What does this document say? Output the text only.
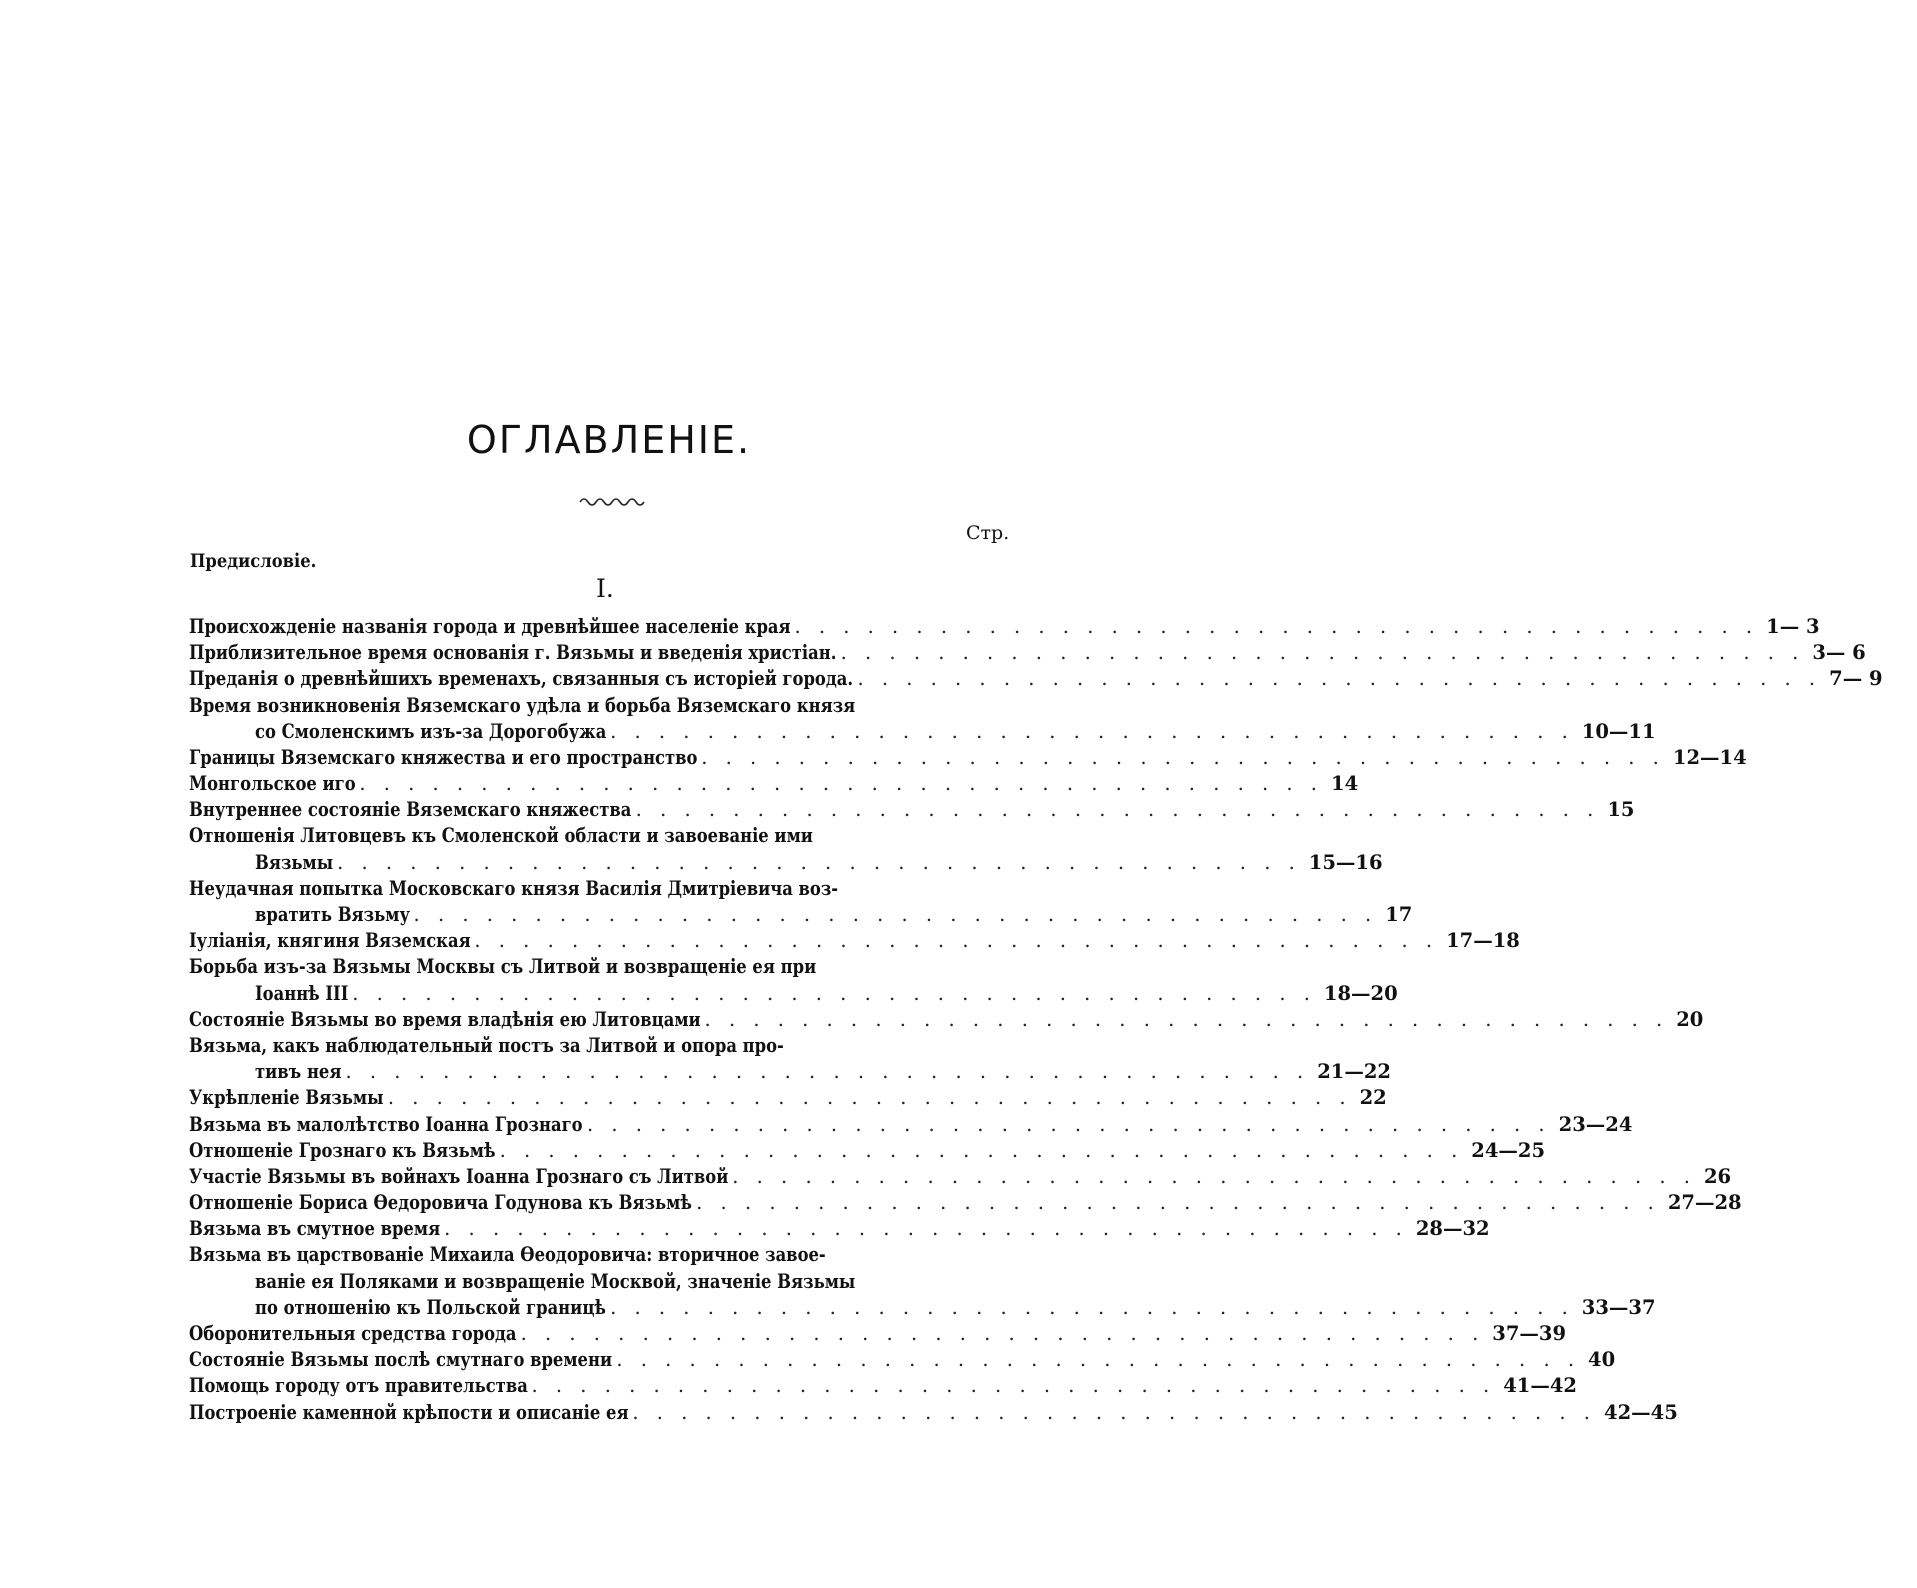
ОГЛАВЛЕНІЕ.
Стр.
Предисловіе.
I.
Происхожденіе названія города и древнѣйшее населеніе края . . . . . . . . . . . . . . . . . . . . . . . . . . . . . . . . . . . . . . . . 1— 3
Приблизительное время основанія г. Вязьмы и введенія христіан. . . . . . . . . . . . . . . . . . . . . . . . . . . . . . . . . . . . . . . . . 3— 6
Преданія о древнѣйшихъ временахъ, связанныя съ исторіей города. . . . . . . . . . . . . . . . . . . . . . . . . . . . . . . . . . . . . . . . . 7— 9
Время возникновенія Вяземскаго удѣла и борьба Вяземскаго князя
со Смоленскимъ изъ-за Дорогобужа . . . . . . . . . . . . . . . . . . . . . . . . . . . . . . . . . . . . . . . . 10—11
Границы Вяземскаго княжества и его пространство . . . . . . . . . . . . . . . . . . . . . . . . . . . . . . . . . . . . . . . . 12—14
Монгольское иго . . . . . . . . . . . . . . . . . . . . . . . . . . . . . . . . . . . . . . . . 14
Внутреннее состояніе Вяземскаго княжества . . . . . . . . . . . . . . . . . . . . . . . . . . . . . . . . . . . . . . . . 15
Отношенія Литовцевъ къ Смоленской области и завоеваніе ими
Вязьмы . . . . . . . . . . . . . . . . . . . . . . . . . . . . . . . . . . . . . . . . 15—16
Неудачная попытка Московскаго князя Василія Дмитріевича воз-
вратить Вязьму . . . . . . . . . . . . . . . . . . . . . . . . . . . . . . . . . . . . . . . . 17
Іуліанія, княгиня Вяземская . . . . . . . . . . . . . . . . . . . . . . . . . . . . . . . . . . . . . . . . 17—18
Борьба изъ-за Вязьмы Москвы съ Литвой и возвращеніе ея при
Іоаннѣ III . . . . . . . . . . . . . . . . . . . . . . . . . . . . . . . . . . . . . . . . 18—20
Состояніе Вязьмы во время владѣнія ею Литовцами . . . . . . . . . . . . . . . . . . . . . . . . . . . . . . . . . . . . . . . . 20
Вязьма, какъ наблюдательный постъ за Литвой и опора про-
тивъ нея . . . . . . . . . . . . . . . . . . . . . . . . . . . . . . . . . . . . . . . . 21—22
Укрѣпленіе Вязьмы . . . . . . . . . . . . . . . . . . . . . . . . . . . . . . . . . . . . . . . . 22
Вязьма въ малолѣтство Іоанна Грознаго . . . . . . . . . . . . . . . . . . . . . . . . . . . . . . . . . . . . . . . . 23—24
Отношеніе Грознаго къ Вязьмѣ . . . . . . . . . . . . . . . . . . . . . . . . . . . . . . . . . . . . . . . . 24—25
Участіе Вязьмы въ войнахъ Іоанна Грознаго съ Литвой . . . . . . . . . . . . . . . . . . . . . . . . . . . . . . . . . . . . . . . . 26
Отношеніе Бориса Ѳедоровича Годунова къ Вязьмѣ . . . . . . . . . . . . . . . . . . . . . . . . . . . . . . . . . . . . . . . . 27—28
Вязьма въ смутное время . . . . . . . . . . . . . . . . . . . . . . . . . . . . . . . . . . . . . . . . 28—32
Вязьма въ царствованіе Михаила Ѳеодоровича: вторичное завое-
ваніе ея Поляками и возвращеніе Москвой, значеніе Вязьмы
по отношенію къ Польской границѣ . . . . . . . . . . . . . . . . . . . . . . . . . . . . . . . . . . . . . . . . 33—37
Оборонительныя средства города . . . . . . . . . . . . . . . . . . . . . . . . . . . . . . . . . . . . . . . . 37—39
Состояніе Вязьмы послѣ смутнаго времени . . . . . . . . . . . . . . . . . . . . . . . . . . . . . . . . . . . . . . . . 40
Помощь городу отъ правительства . . . . . . . . . . . . . . . . . . . . . . . . . . . . . . . . . . . . . . . . 41—42
Построеніе каменной крѣпости и описаніе ея . . . . . . . . . . . . . . . . . . . . . . . . . . . . . . . . . . . . . . . . 42—45
